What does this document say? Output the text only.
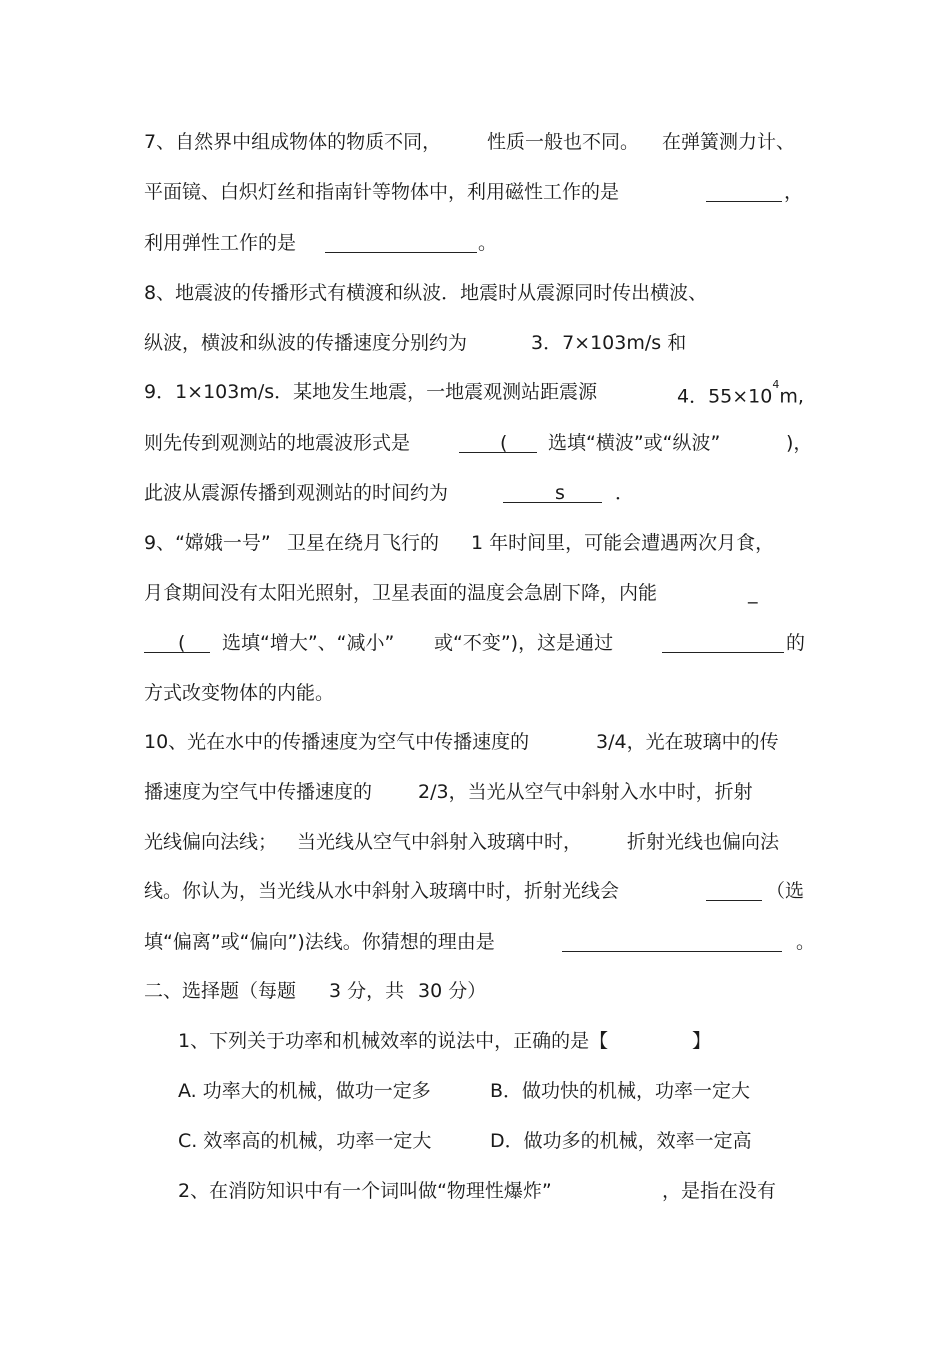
7、自然界中组成物体的物质不同， 性质一般也不同。 在弹簧测力计、
平面镜、白炽灯丝和指南针等物体中，利用磁性工作的是	，
利用弹性工作的是	。
8、地震波的传播形式有横渡和纵波．地震时从震源同时传出横波、
纵波，横波和纵波的传播速度分别约为	3．7×103m∕s 和
9．1×103m∕s．某地发生地震，一地震观测站距震源	4．$55\times 10^4m$,
则先传到观测站的地震波形式是	( 选填“横波”或“纵波”	)，
此波从震源传播到观测站的时间约为	s	．
9、“嫦娥一号” 卫星在绕月飞行的 1 年时间里，可能会遭遇两次月食，
月食期间没有太阳光照射，卫星表面的温度会急剧下降，内能	_
( 选填“增大”、“减小” 或“不变”)，这是通过	的
方式改变物体的内能。
10、光在水中的传播速度为空气中传播速度的	3/4，光在玻璃中的传
播速度为空气中传播速度的 2/3，当光从空气中斜射入水中时，折射
光线偏向法线； 当光线从空气中斜射入玻璃中时， 折射光线也偏向法
线。你认为，当光线从水中斜射入玻璃中时，折射光线会	（选
填“偏离”或“偏向”)法线。你猜想的理由是	。
二、选择题（每题 3 分，共 30 分）
1、下列关于功率和机械效率的说法中，正确的是【	】
A. 功率大的机械，做功一定多	B．做功快的机械，功率一定大
C. 效率高的机械，功率一定大	D．做功多的机械，效率一定高
2、在消防知识中有一个词叫做“物理性爆炸”	，是指在没有
